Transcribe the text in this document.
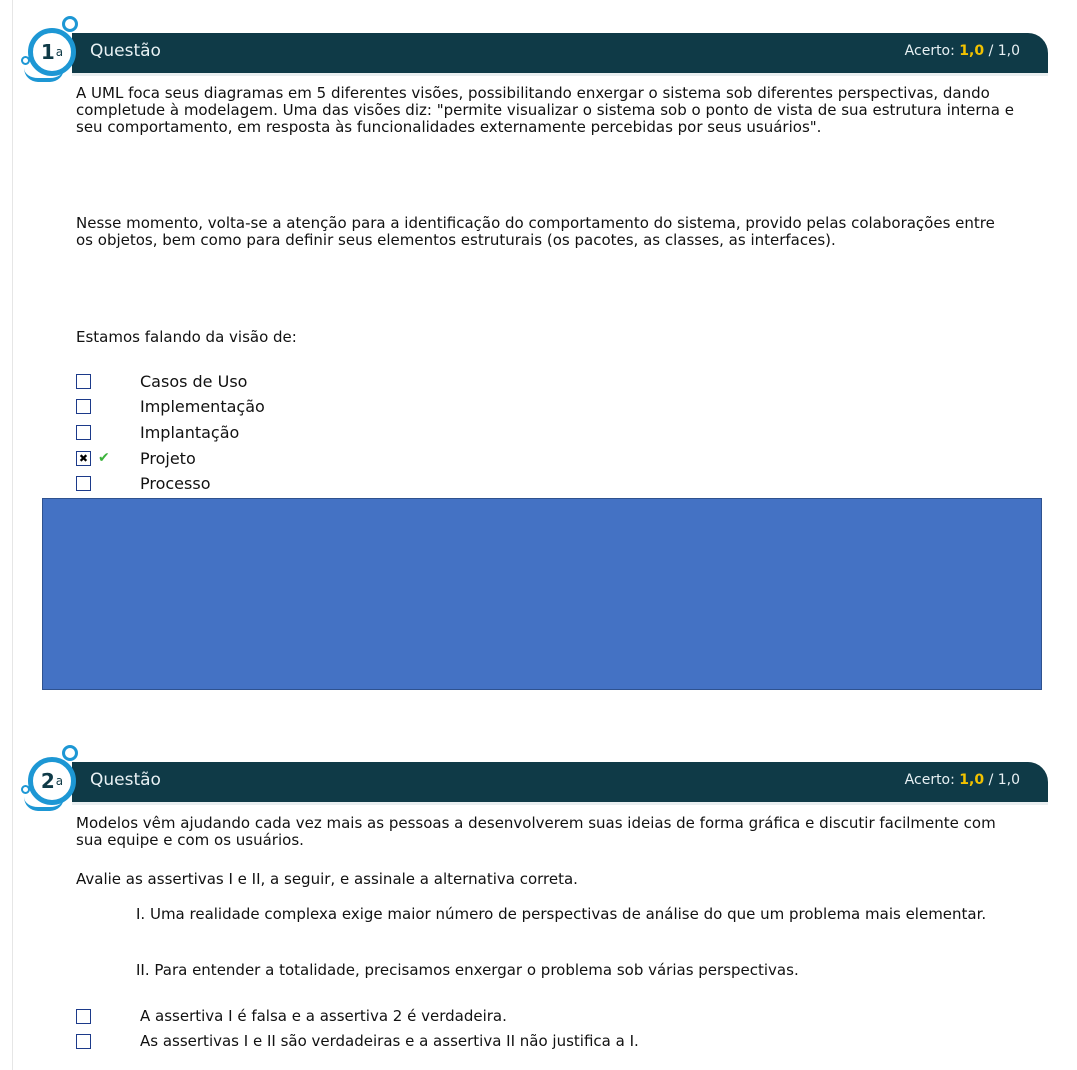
1 a Questão	Acerto: 1,0 / 1,0

A UML foca seus diagramas em 5 diferentes visões, possibilitando enxergar o sistema sob diferentes perspectivas, dando completude à modelagem. Uma das visões diz: "permite visualizar o sistema sob o ponto de vista de sua estrutura interna e seu comportamento, em resposta às funcionalidades externamente percebidas por seus usuários".

Nesse momento, volta-se a atenção para a identificação do comportamento do sistema, provido pelas colaborações entre os objetos, bem como para definir seus elementos estruturais (os pacotes, as classes, as interfaces).

Estamos falando da visão de:

Casos de Uso
Implementação
Implantação
✖ ✔ Projeto
Processo
2 a Questão	Acerto: 1,0 / 1,0

Modelos vêm ajudando cada vez mais as pessoas a desenvolverem suas ideias de forma gráfica e discutir facilmente com sua equipe e com os usuários.

Avalie as assertivas I e II, a seguir, e assinale a alternativa correta.

I. Uma realidade complexa exige maior número de perspectivas de análise do que um problema mais elementar.

II. Para entender a totalidade, precisamos enxergar o problema sob várias perspectivas.

A assertiva I é falsa e a assertiva 2 é verdadeira.
As assertivas I e II são verdadeiras e a assertiva II não justifica a I.
